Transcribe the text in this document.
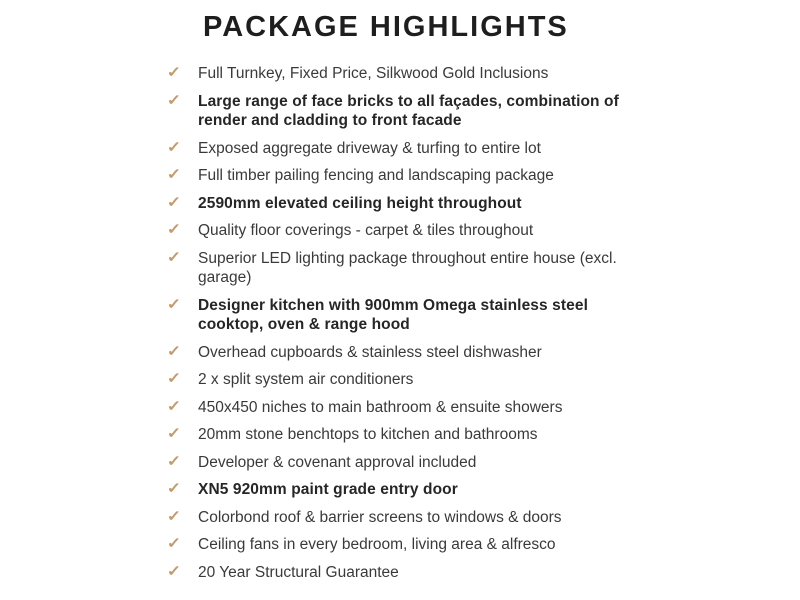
PACKAGE HIGHLIGHTS
✓	Full Turnkey, Fixed Price, Silkwood Gold Inclusions
✓	Large range of face bricks to all façades, combination of render and cladding to front facade
✓	Exposed aggregate driveway & turfing to entire lot
✓	Full timber pailing fencing and landscaping package
✓	2590mm elevated ceiling height throughout
✓	Quality floor coverings - carpet & tiles throughout
✓	Superior LED lighting package throughout entire house (excl. garage)
✓	Designer kitchen with 900mm Omega stainless steel cooktop, oven & range hood
✓	Overhead cupboards & stainless steel dishwasher
✓	2 x split system air conditioners
✓	450x450 niches to main bathroom & ensuite showers
✓	20mm stone benchtops to kitchen and bathrooms
✓	Developer & covenant approval included
✓	XN5 920mm paint grade entry door
✓	Colorbond roof & barrier screens to windows & doors
✓	Ceiling fans in every bedroom, living area & alfresco
✓	20 Year Structural Guarantee
